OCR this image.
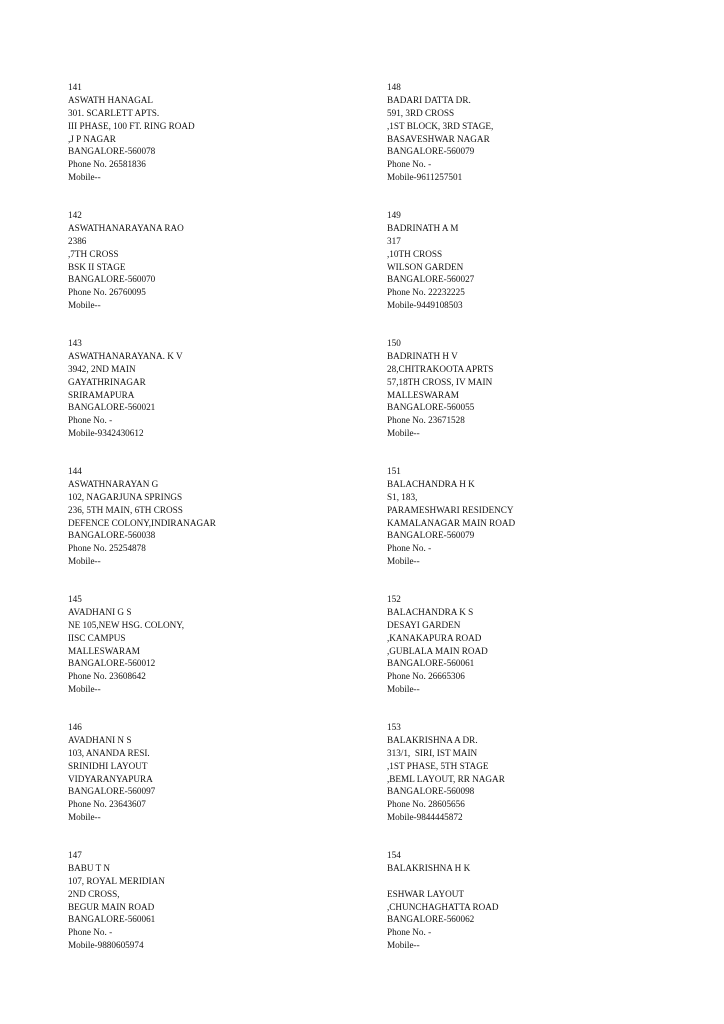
141
ASWATH HANAGAL
301. SCARLETT APTS.
III PHASE, 100 FT. RING ROAD
,J P NAGAR
BANGALORE-560078
Phone No. 26581836
Mobile--
142
ASWATHANARAYANA RAO
2386
,7TH CROSS
BSK II STAGE
BANGALORE-560070
Phone No. 26760095
Mobile--
143
ASWATHANARAYANA. K V
3942, 2ND MAIN
GAYATHRINAGAR
SRIRAMAPURA
BANGALORE-560021
Phone No. -
Mobile-9342430612
144
ASWATHNARAYAN G
102, NAGARJUNA SPRINGS
236, 5TH MAIN, 6TH CROSS
DEFENCE COLONY,INDIRANAGAR
BANGALORE-560038
Phone No. 25254878
Mobile--
145
AVADHANI G S
NE 105,NEW HSG. COLONY,
IISC CAMPUS
MALLESWARAM
BANGALORE-560012
Phone No. 23608642
Mobile--
146
AVADHANI N S
103, ANANDA RESI.
SRINIDHI LAYOUT
VIDYARANYAPURA
BANGALORE-560097
Phone No. 23643607
Mobile--
147
BABU T N
107, ROYAL MERIDIAN
2ND CROSS,
BEGUR MAIN ROAD
BANGALORE-560061
Phone No. -
Mobile-9880605974
148
BADARI DATTA DR.
591, 3RD CROSS
,1ST BLOCK, 3RD STAGE,
BASAVESHWAR NAGAR
BANGALORE-560079
Phone No. -
Mobile-9611257501
149
BADRINATH A M
317
,10TH CROSS
WILSON GARDEN
BANGALORE-560027
Phone No. 22232225
Mobile-9449108503
150
BADRINATH H V
28,CHITRAKOOTA APRTS
57,18TH CROSS, IV MAIN
MALLESWARAM
BANGALORE-560055
Phone No. 23671528
Mobile--
151
BALACHANDRA H K
S1, 183,
PARAMESHWARI RESIDENCY
KAMALANAGAR MAIN ROAD
BANGALORE-560079
Phone No. -
Mobile--
152
BALACHANDRA K S
DESAYI GARDEN
,KANAKAPURA ROAD
,GUBLALA MAIN ROAD
BANGALORE-560061
Phone No. 26665306
Mobile--
153
BALAKRISHNA A DR.
313/1,  SIRI, IST MAIN
,1ST PHASE, 5TH STAGE
,BEML LAYOUT, RR NAGAR
BANGALORE-560098
Phone No. 28605656
Mobile-9844445872
154
BALAKRISHNA H K
ESHWAR LAYOUT
,CHUNCHAGHATTA ROAD
BANGALORE-560062
Phone No. -
Mobile--
